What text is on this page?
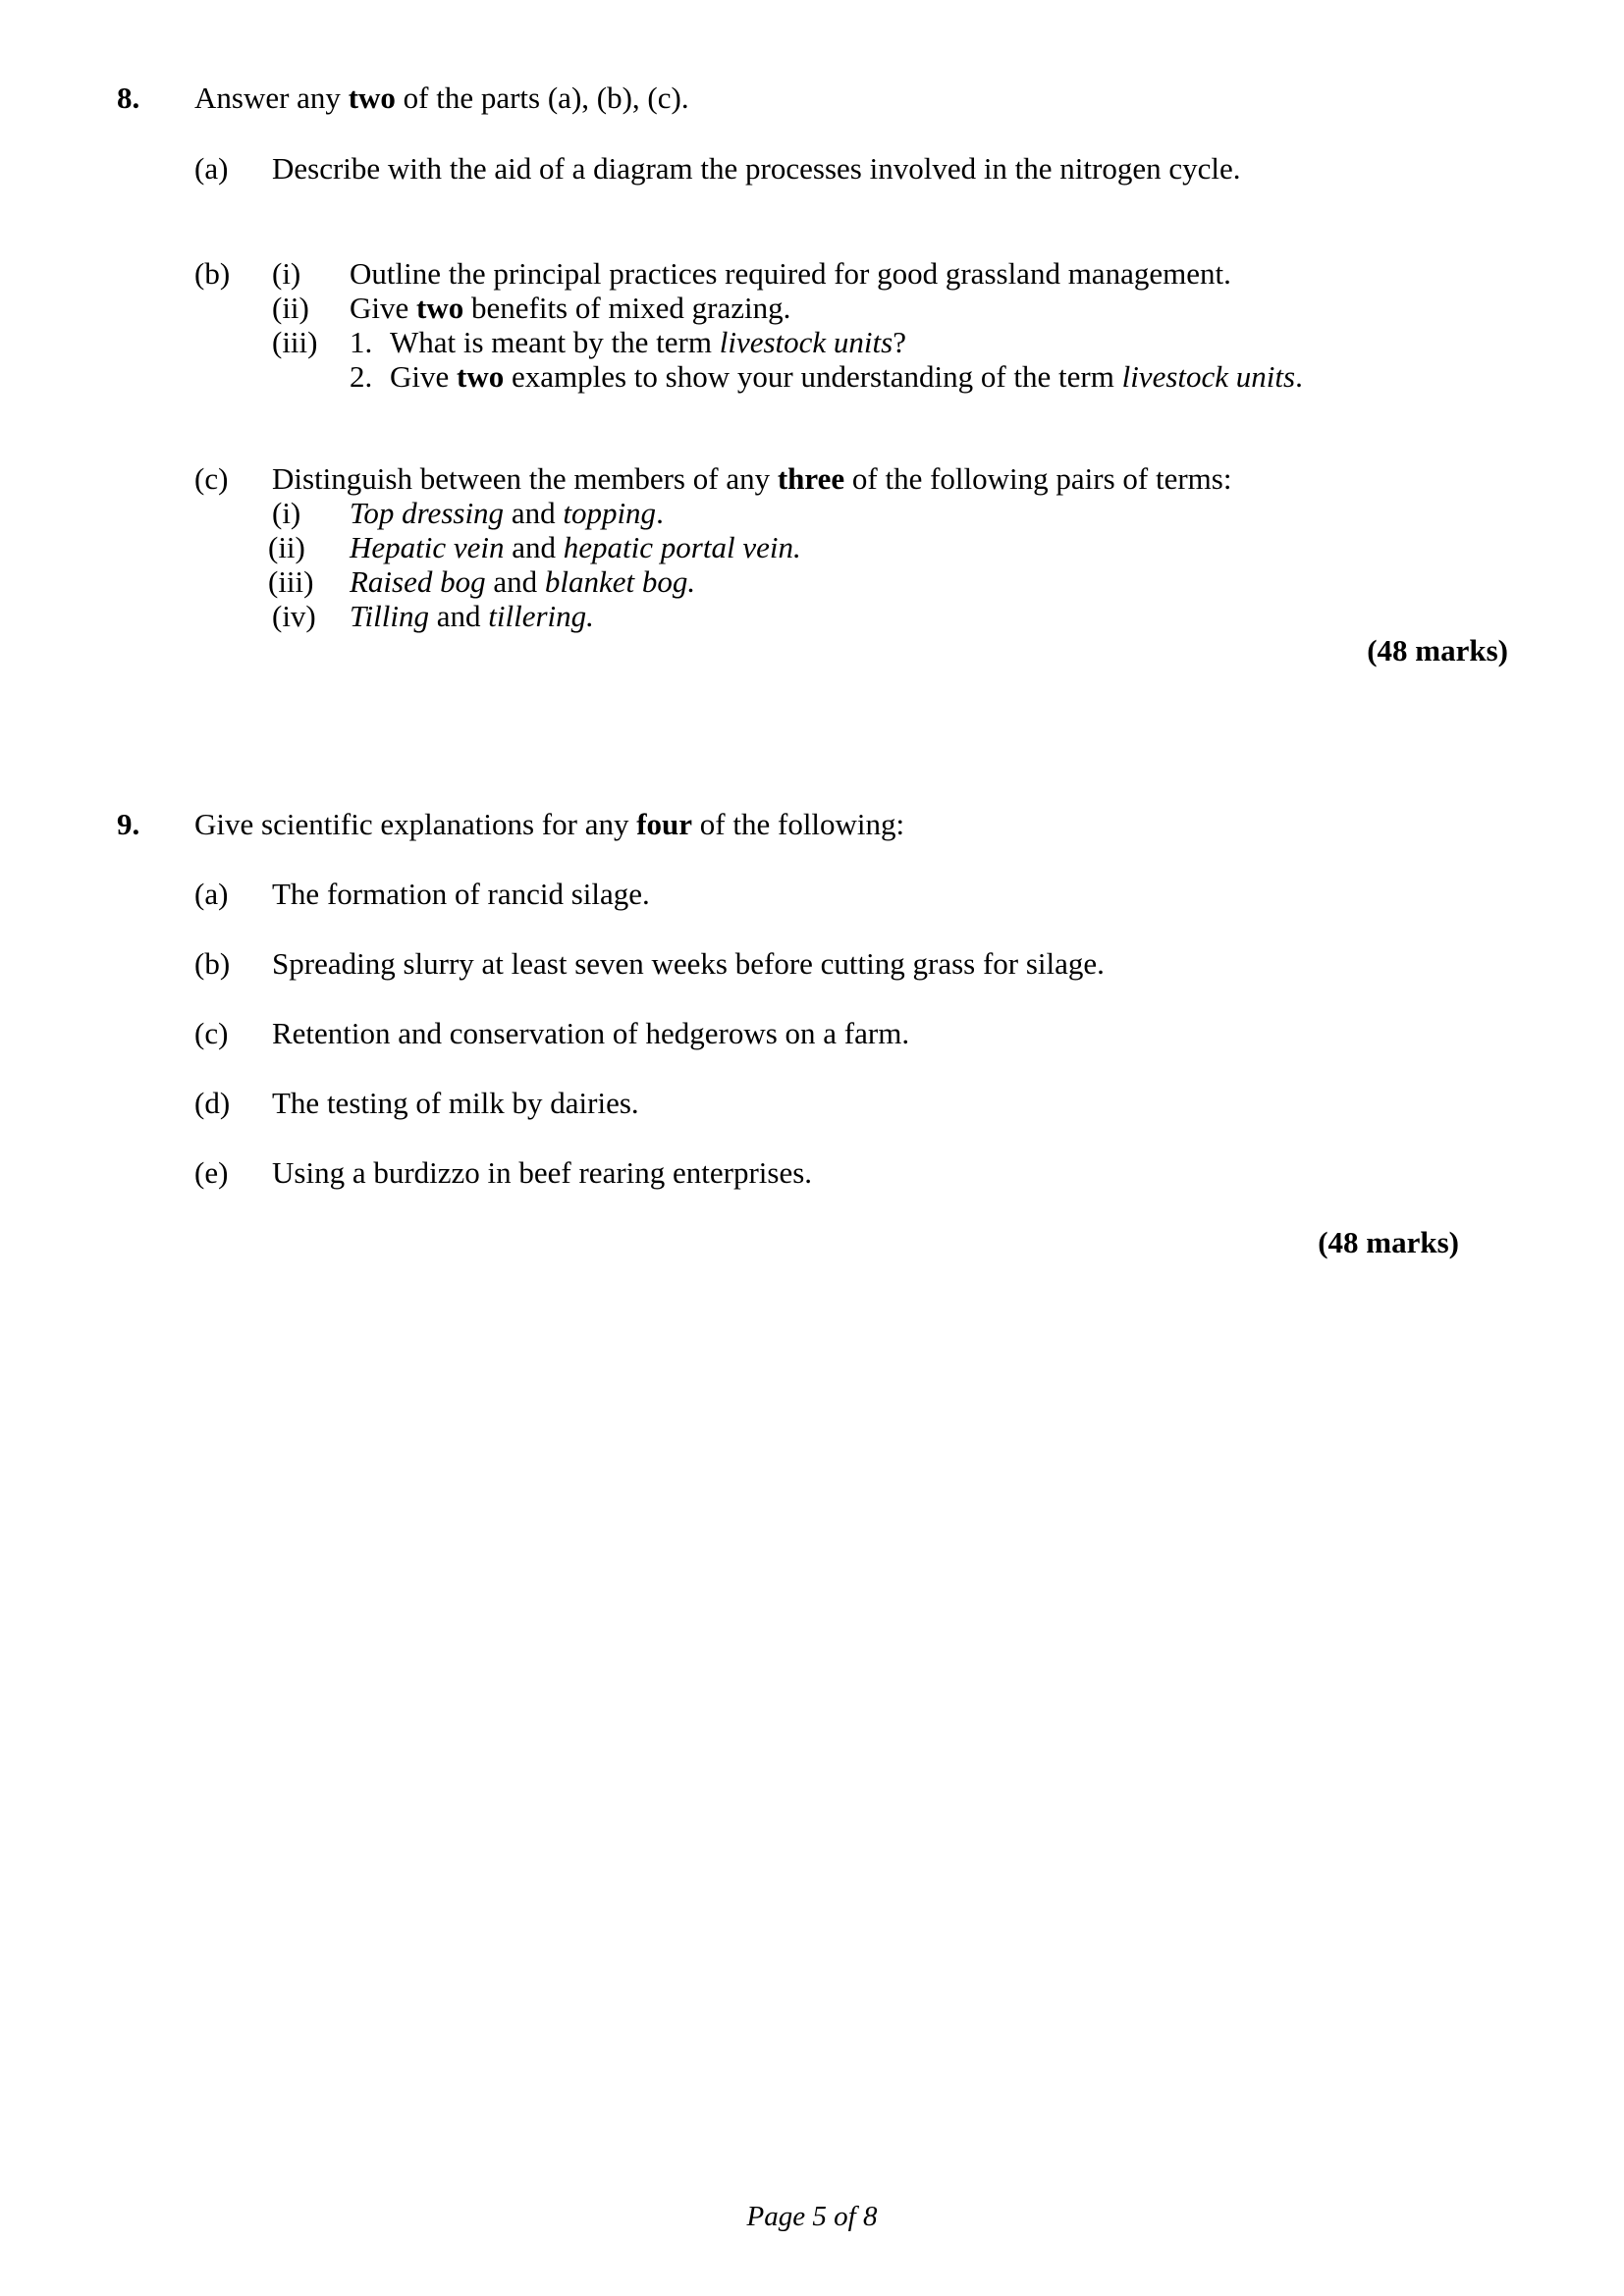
8. Answer any two of the parts (a), (b), (c).
(a) Describe with the aid of a diagram the processes involved in the nitrogen cycle.
(b) (i) Outline the principal practices required for good grassland management.
(ii) Give two benefits of mixed grazing.
(iii) 1. What is meant by the term livestock units?
2. Give two examples to show your understanding of the term livestock units.
(c) Distinguish between the members of any three of the following pairs of terms:
(i) Top dressing and topping.
(ii) Hepatic vein and hepatic portal vein.
(iii) Raised bog and blanket bog.
(iv) Tilling and tillering.
(48 marks)
9. Give scientific explanations for any four of the following:
(a) The formation of rancid silage.
(b) Spreading slurry at least seven weeks before cutting grass for silage.
(c) Retention and conservation of hedgerows on a farm.
(d) The testing of milk by dairies.
(e) Using a burdizzo in beef rearing enterprises.
(48 marks)
Page 5 of 8
